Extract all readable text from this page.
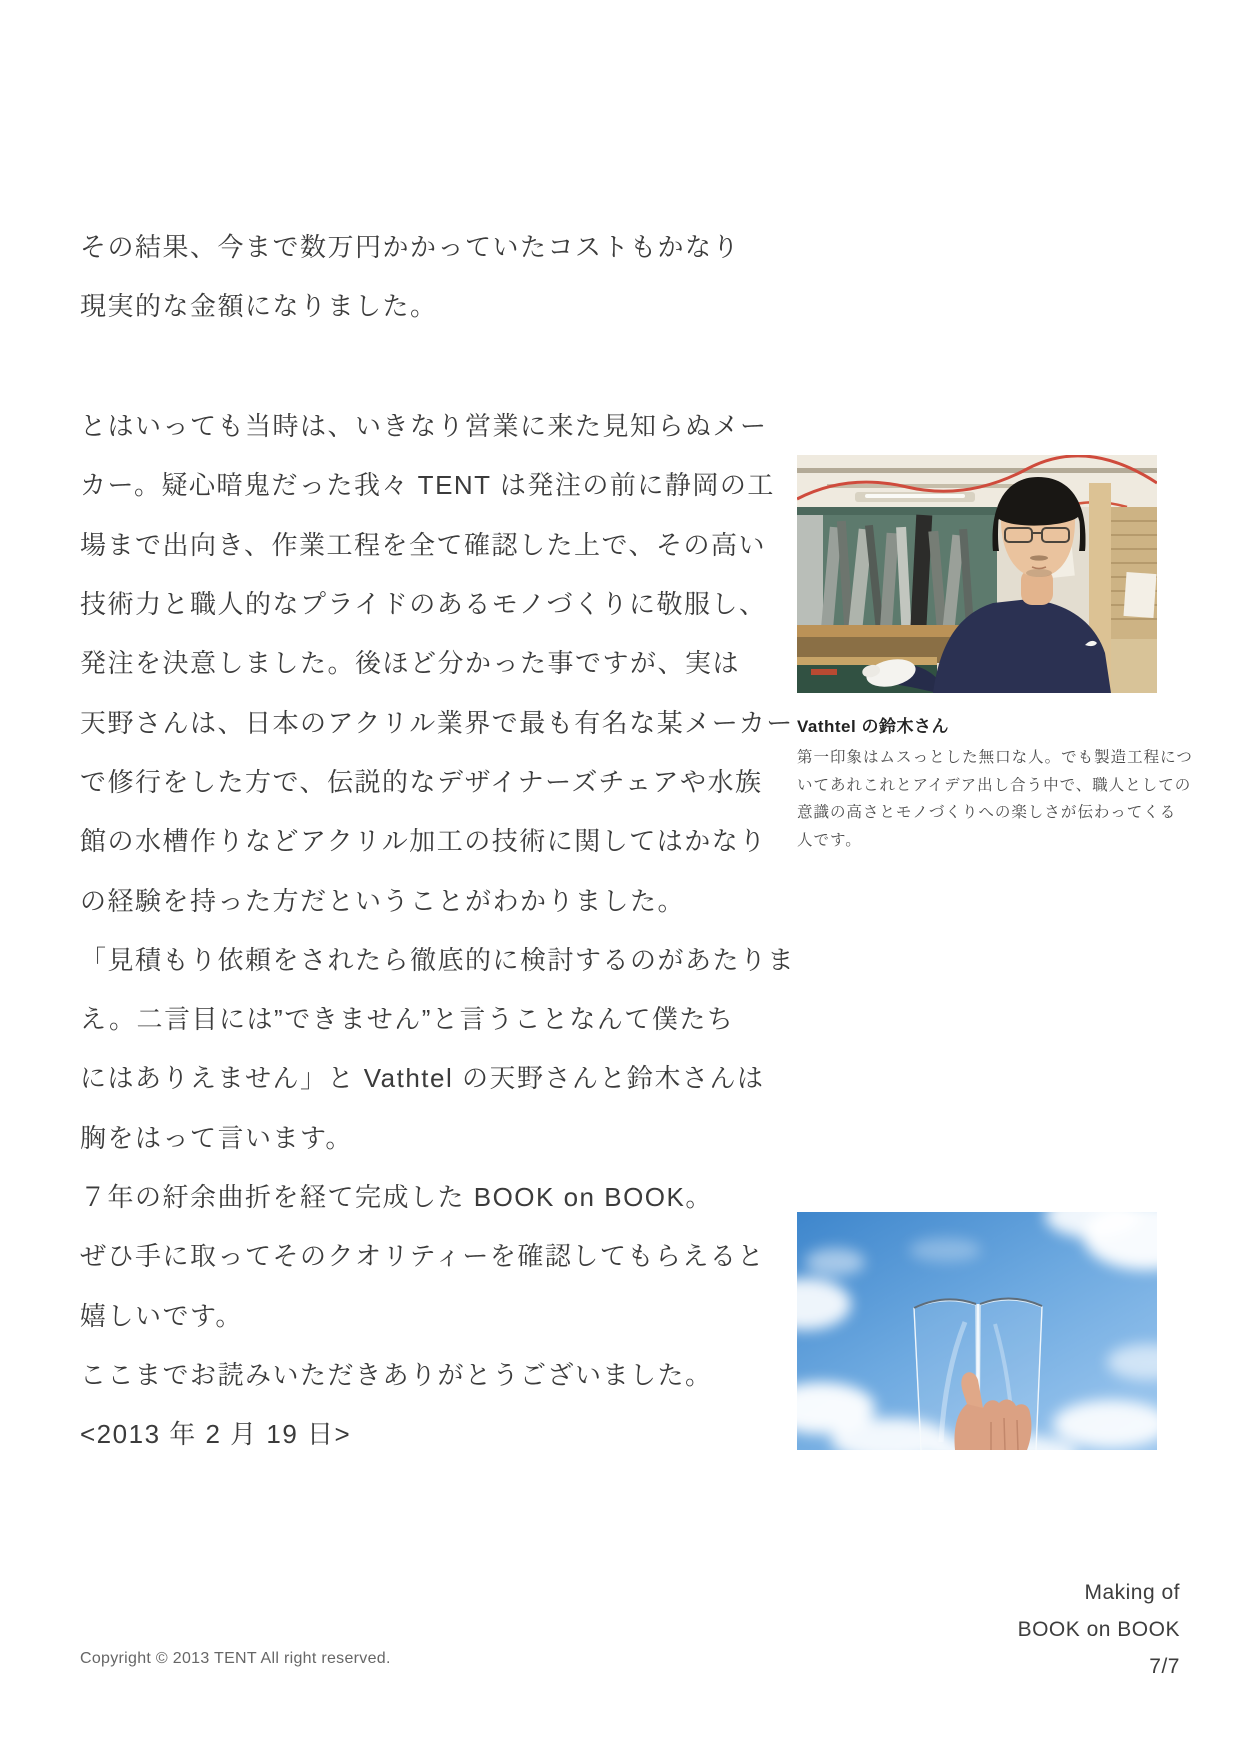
その結果、今まで数万円かかっていたコストもかなり
現実的な金額になりました。
とはいっても当時は、いきなり営業に来た見知らぬメー
カー。疑心暗鬼だった我々 TENT は発注の前に静岡の工
場まで出向き、作業工程を全て確認した上で、その高い
技術力と職人的なプライドのあるモノづくりに敬服し、
発注を決意しました。後ほど分かった事ですが、実は
天野さんは、日本のアクリル業界で最も有名な某メーカー
で修行をした方で、伝説的なデザイナーズチェアや水族
館の水槽作りなどアクリル加工の技術に関してはかなり
の経験を持った方だということがわかりました。
「見積もり依頼をされたら徹底的に検討するのがあたりま
え。二言目には”できません”と言うことなんて僕たち
にはありえません」と Vathtel の天野さんと鈴木さんは
胸をはって言います。
７年の紆余曲折を経て完成した BOOK on BOOK。
ぜひ手に取ってそのクオリティーを確認してもらえると
嬉しいです。
ここまでお読みいただきありがとうございました。
<2013 年 2 月 19 日>
Vathtel の鈴木さん
第一印象はムスっとした無口な人。でも製造工程につ
いてあれこれとアイデア出し合う中で、職人としての
意識の高さとモノづくりへの楽しさが伝わってくる
人です。
Making of
BOOK on BOOK
7/7
Copyright © 2013 TENT All right reserved.
